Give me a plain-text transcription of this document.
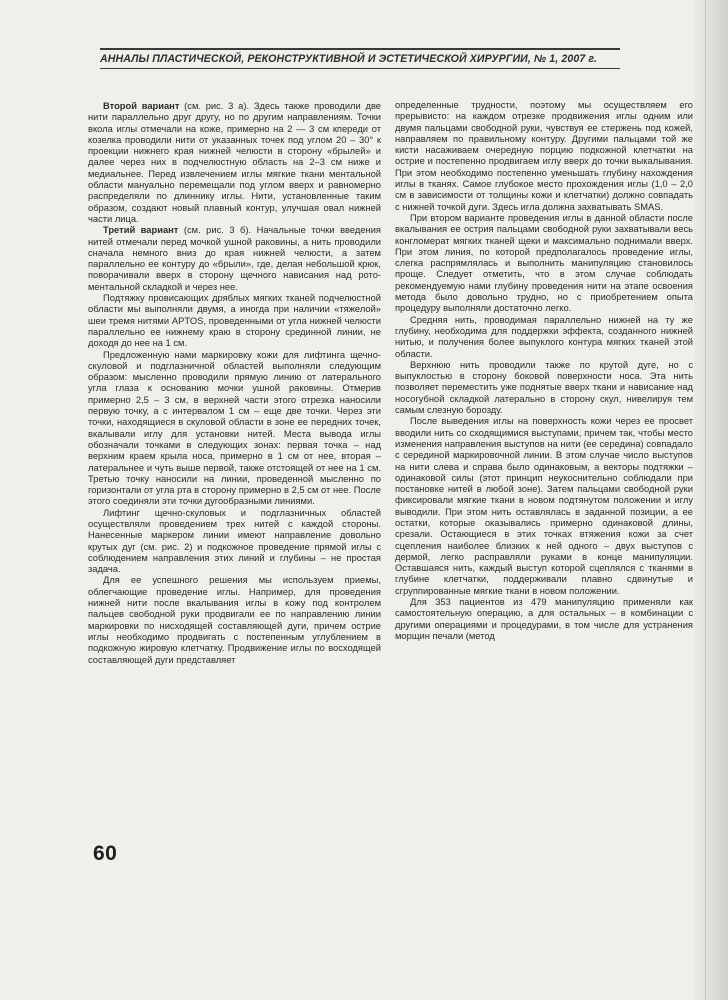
АННАЛЫ ПЛАСТИЧЕСКОЙ, РЕКОНСТРУКТИВНОЙ И ЭСТЕТИЧЕСКОЙ ХИРУРГИИ, № 1, 2007 г.

Второй вариант (см. рис. 3 а). Здесь также проводили две нити параллельно друг другу, но по другим направлениям. Точки вкола иглы отмечали на коже, примерно на 2 — 3 см кпереди от козелка проводили нити от указанных точек под углом 20 – 30° к проекции нижнего края нижней челюсти в сторону «брылей» и далее через них в подчелюстную область на 2–3 см ниже и медиальнее. Перед извлечением иглы мягкие ткани ментальной области мануально перемещали под углом вверх и равномерно распределяли по длиннику иглы. Нити, установленные таким образом, создают новый плавный контур, улучшая овал нижней части лица.

Третий вариант (см. рис. 3 б). Начальные точки введения нитей отмечали перед мочкой ушной раковины, а нить проводили сначала немного вниз до края нижней челюсти, а затем параллельно ее контуру до «брыли», где, делая небольшой крюк, поворачивали вверх в сторону щечного нависания над рото-ментальной складкой и через нее.

Подтяжку провисающих дряблых мягких тканей подчелюстной области мы выполняли двумя, а иногда при наличии «тяжелой» шеи тремя нитями APTOS, проведенными от угла нижней челюсти параллельно ее нижнему краю в сторону срединной линии, не доходя до нее на 1 см.

Предложенную нами маркировку кожи для лифтинга щечно-скуловой и подглазничной областей выполняли следующим образом: мысленно проводили прямую линию от латерального угла глаза к основанию мочки ушной раковины. Отмерив примерно 2,5 – 3 см, в верхней части этого отрезка наносили первую точку, а с интервалом 1 см – еще две точки. Через эти точки, находящиеся в скуловой области в зоне ее передних точек, вкалывали иглу для установки нитей. Места вывода иглы обозначали точками в следующих зонах: первая точка – над верхним краем крыла носа, примерно в 1 см от нее, вторая – латеральнее и чуть выше первой, также отстоящей от нее на 1 см. Третью точку наносили на линии, проведенной мысленно по горизонтали от угла рта в сторону примерно в 2,5 см от нее. После этого соединяли эти точки дугообразными линиями.

Лифтинг щечно-скуловых и подглазничных областей осуществляли проведением трех нитей с каждой стороны. Нанесенные маркером линии имеют направление довольно крутых дуг (см. рис. 2) и подкожное проведение прямой иглы с соблюдением направления этих линий и глубины – не простая задача.

Для ее успешного решения мы используем приемы, облегчающие проведение иглы. Например, для проведения нижней нити после вкалывания иглы в кожу под контролем пальцев свободной руки продвигали ее по направлению линии маркировки по нисходящей составляющей дуги, причем острие иглы необходимо продвигать с постепенным углублением в подкожную жировую клетчатку. Продвижение иглы по восходящей составляющей дуги представляет

определенные трудности, поэтому мы осуществляем его прерывисто: на каждом отрезке продвижения иглы одним или двумя пальцами свободной руки, чувствуя ее стержень под кожей, направляем по правильному контуру. Другими пальцами той же кисти насаживаем очередную порцию подкожной клетчатки на острие и постепенно продвигаем иглу вверх до точки выкалывания. При этом необходимо постепенно уменьшать глубину нахождения иглы в тканях. Самое глубокое место прохождения иглы (1,0 – 2,0 см в зависимости от толщины кожи и клетчатки) должно совпадать с нижней точкой дуги. Здесь игла должна захватывать SMAS.

При втором варианте проведения иглы в данной области после вкалывания ее острия пальцами свободной руки захватывали весь конгломерат мягких тканей щеки и максимально поднимали вверх. При этом линия, по которой предполагалось проведение иглы, слегка распрямлялась и выполнить манипуляцию становилось проще. Следует отметить, что в этом случае соблюдать рекомендуемую нами глубину проведения нити на этапе освоения метода было довольно трудно, но с приобретением опыта процедуру выполняли достаточно легко.

Средняя нить, проводимая параллельно нижней на ту же глубину, необходима для поддержки эффекта, созданного нижней нитью, и получения более выпуклого контура мягких тканей этой области.

Верхнюю нить проводили также по крутой дуге, но с выпуклостью в сторону боковой поверхности носа. Эта нить позволяет переместить уже поднятые вверх ткани и нависание над носогубной складкой латерально в сторону скул, нивелируя тем самым слезную борозду.

После выведения иглы на поверхность кожи через ее просвет вводили нить со сходящимися выступами, причем так, чтобы место изменения направления выступов на нити (ее середина) совпадало с серединой маркировочной линии. В этом случае число выступов на нити слева и справа было одинаковым, а векторы подтяжки – одинаковой силы (этот принцип неукоснительно соблюдали при постановке нитей в любой зоне). Затем пальцами свободной руки фиксировали мягкие ткани в новом подтянутом положении и иглу выводили. При этом нить оставлялась в заданной позиции, а ее остатки, которые оказывались примерно одинаковой длины, срезали. Остающиеся в этих точках втяжения кожи за счет сцепления наиболее близких к ней одного – двух выступов с дермой, легко расправляли руками в конце манипуляции. Оставшаяся нить, каждый выступ которой сцеплялся с тканями в глубине клетчатки, поддерживали плавно сдвинутые и сгруппированные мягкие ткани в новом положении.

Для 353 пациентов из 479 манипуляцию применяли как самостоятельную операцию, а для остальных – в комбинации с другими операциями и процедурами, в том числе для устранения морщин печали (метод

60
